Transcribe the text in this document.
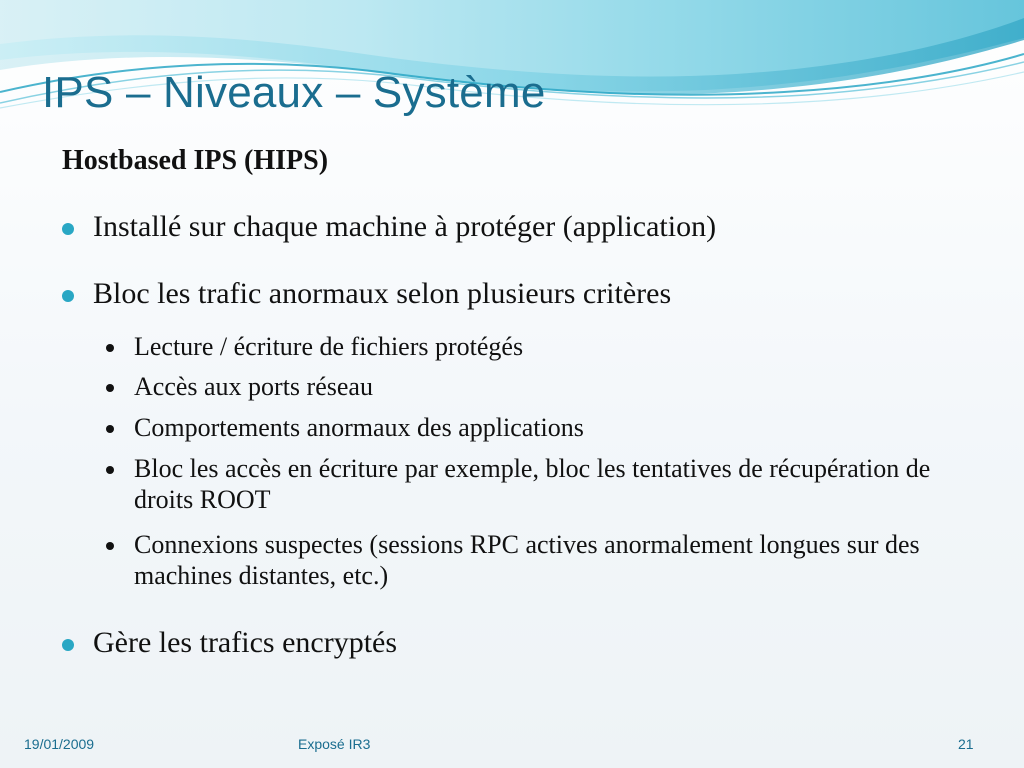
IPS – Niveaux – Système
Hostbased IPS (HIPS)
Installé sur chaque machine à protéger (application)
Bloc les trafic anormaux selon plusieurs critères
Lecture / écriture de fichiers protégés
Accès aux ports réseau
Comportements anormaux des applications
Bloc les accès en écriture par exemple, bloc les tentatives de récupération de droits ROOT
Connexions suspectes (sessions RPC actives anormalement longues sur des machines distantes, etc.)
Gère les trafics encryptés
19/01/2009	Exposé IR3	21
